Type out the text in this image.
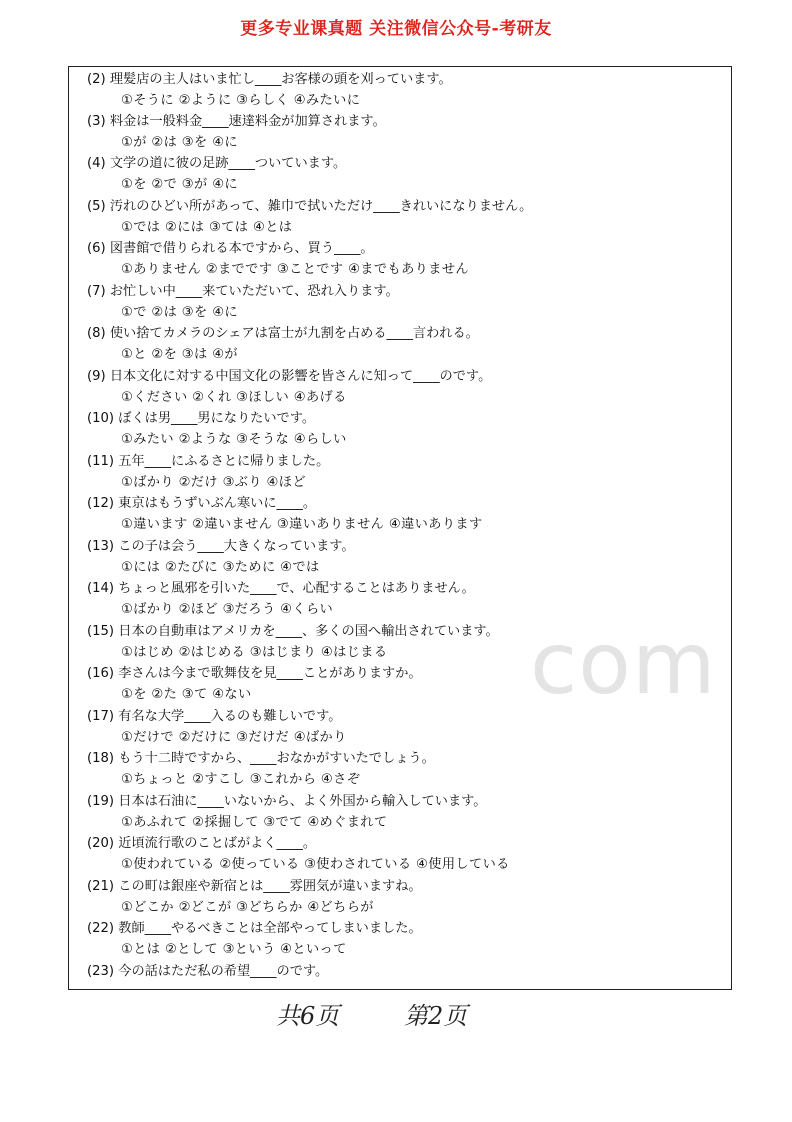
更多专业课真题 关注微信公众号-考研友
(2) 理髪店の主人はいま忙し____お客様の頭を刈っています。
①そうに ②ように ③らしく ④みたいに
(3) 料金は一般料金____速達料金が加算されます。
①が ②は ③を ④に
(4) 文学の道に彼の足跡____ついています。
①を ②で ③が ④に
(5) 汚れのひどい所があって、雑巾で拭いただけ____きれいになりません。
①では ②には ③ては ④とは
(6) 図書館で借りられる本ですから、買う____。
①ありません ②までです ③ことです ④までもありません
(7) お忙しい中____来ていただいて、恐れ入ります。
①で ②は ③を ④に
(8) 使い捨てカメラのシェアは富士が九割を占める____言われる。
①と ②を ③は ④が
(9) 日本文化に対する中国文化の影響を皆さんに知って____のです。
①ください ②くれ ③ほしい ④あげる
(10) ぼくは男____男になりたいです。
①みたい ②ような ③そうな ④らしい
(11) 五年____にふるさとに帰りました。
①ばかり ②だけ ③ぶり ④ほど
(12) 東京はもうずいぶん寒いに____。
①違います ②違いません ③違いありません ④違いあります
(13) この子は会う____大きくなっています。
①には ②たびに ③ために ④では
(14) ちょっと風邪を引いた____で、心配することはありません。
①ばかり ②ほど ③だろう ④くらい
(15) 日本の自動車はアメリカを____、多くの国へ輸出されています。
①はじめ ②はじめる ③はじまり ④はじまる
(16) 李さんは今まで歌舞伎を見____ことがありますか。
①を ②た ③て ④ない
(17) 有名な大学____入るのも難しいです。
①だけで ②だけに ③だけだ ④ばかり
(18) もう十二時ですから、____おなかがすいたでしょう。
①ちょっと ②すこし ③これから ④さぞ
(19) 日本は石油に____いないから、よく外国から輸入しています。
①あふれて ②採掘して ③でて ④めぐまれて
(20) 近頃流行歌のことばがよく____。
①使われている ②使っている ③使わされている ④使用している
(21) この町は銀座や新宿とは____雰囲気が違いますね。
①どこか ②どこが ③どちらか ④どちらが
(22) 教師____やるべきことは全部やってしまいました。
①とは ②として ③という ④といって
(23) 今の話はただ私の希望____のです。
com
共6页	第2页
